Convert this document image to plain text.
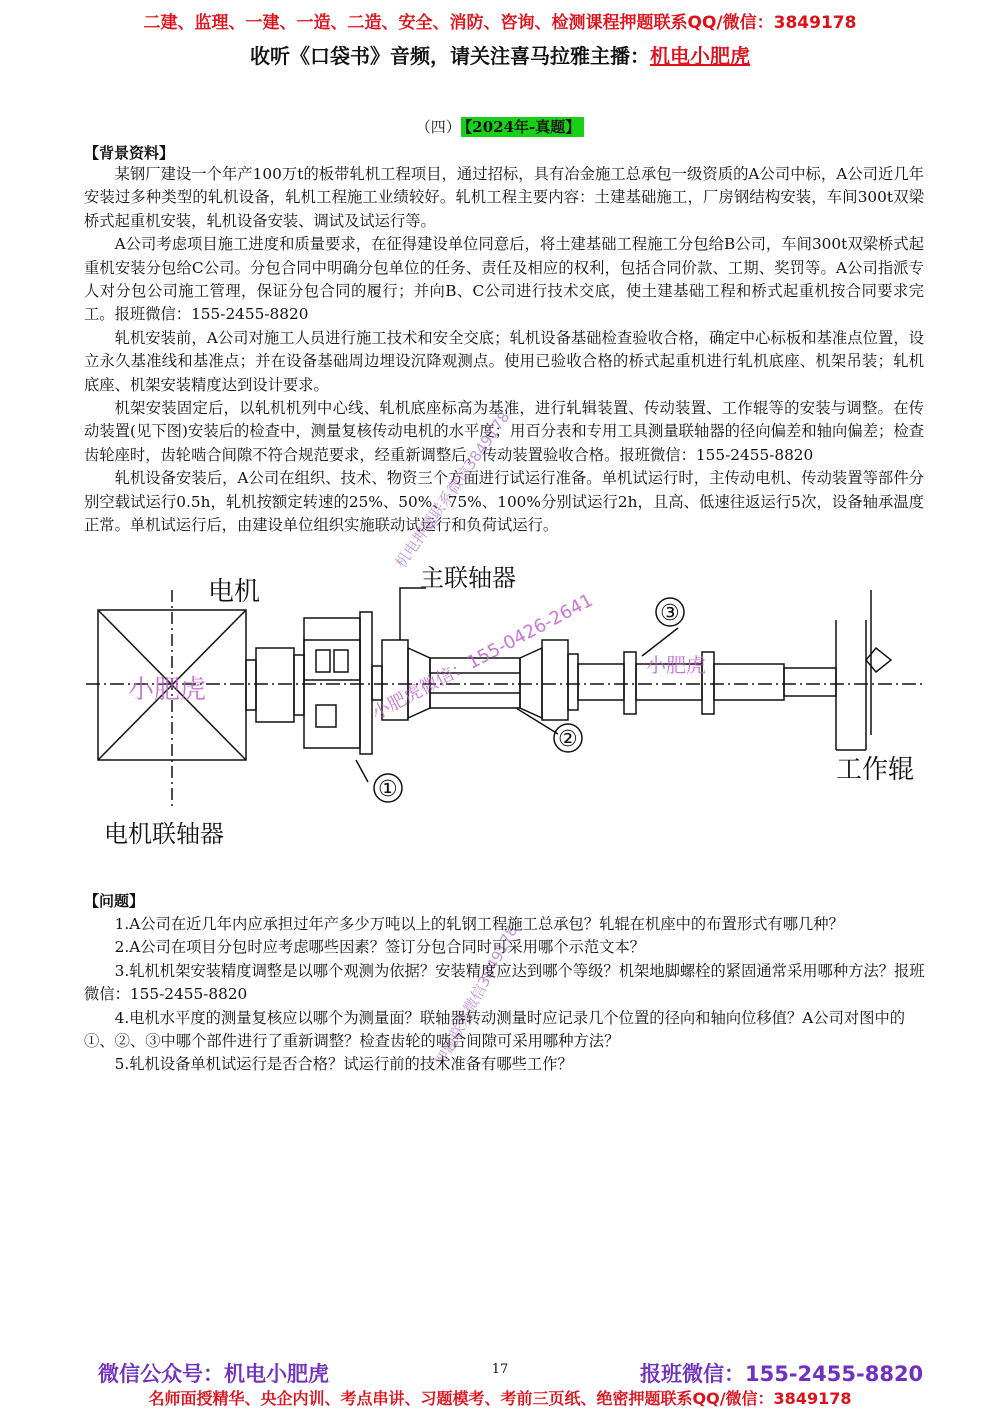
二建、监理、一建、一造、二造、安全、消防、咨询、检测课程押题联系QQ/微信：3849178
收听《口袋书》音频，请关注喜马拉雅主播：机电小肥虎
（四） 【2024年-真题】
【背景资料】

某钢厂建设一个年产100万t的板带轧机工程项目，通过招标，具有冶金施工总承包一级资质的A公司中标，A公司近几年安装过多种类型的轧机设备，轧机工程施工业绩较好。轧机工程主要内容：土建基础施工，厂房钢结构安装，车间300t双梁桥式起重机安装，轧机设备安装、调试及试运行等。

A公司考虑项目施工进度和质量要求，在征得建设单位同意后，将土建基础工程施工分包给B公司，车间300t双梁桥式起重机安装分包给C公司。分包合同中明确分包单位的任务、责任及相应的权利，包括合同价款、工期、奖罚等。A公司指派专人对分包公司施工管理，保证分包合同的履行；并向B、C公司进行技术交底，使土建基础工程和桥式起重机按合同要求完工。报班微信：155-2455-8820

轧机安装前，A公司对施工人员进行施工技术和安全交底；轧机设备基础检查验收合格，确定中心标板和基准点位置，设立永久基准线和基准点；并在设备基础周边埋设沉降观测点。使用已验收合格的桥式起重机进行轧机底座、机架吊装；轧机底座、机架安装精度达到设计要求。

机架安装固定后，以轧机机列中心线、轧机底座标高为基准，进行轧辑装置、传动装置、工作辊等的安装与调整。在传动装置(见下图)安装后的检查中，测量复核传动电机的水平度；用百分表和专用工具测量联轴器的径向偏差和轴向偏差；检查齿轮座时，齿轮啮合间隙不符合规范要求，经重新调整后，传动装置验收合格。报班微信：155-2455-8820

轧机设备安装后，A公司在组织、技术、物资三个方面进行试运行准备。单机试运行时，主传动电机、传动装置等部件分别空载试运行0.5h，轧机按额定转速的25%、50%、75%、100%分别试运行2h，且高、低速往返运行5次，设备轴承温度正常。单机试运行后，由建设单位组织实施联动试运行和负荷试运行。

电机	主联轴器
电机联轴器
工作辊
①
②
③
小肥虎
小肥虎
小肥虎微信：155-0426-2641
机电押题联系微信3849178
押题联系微信3849178
【问题】

1.A公司在近几年内应承担过年产多少万吨以上的轧钢工程施工总承包？轧辊在机座中的布置形式有哪几种？

2.A公司在项目分包时应考虑哪些因素？签订分包合同时可采用哪个示范文本？

3.轧机机架安装精度调整是以哪个观测为依据？安装精度应达到哪个等级？机架地脚螺栓的紧固通常采用哪种方法？报班微信：155-2455-8820

4.电机水平度的测量复核应以哪个为测量面？联轴器转动测量时应记录几个位置的径向和轴向位移值？A公司对图中的①、②、③中哪个部件进行了重新调整？检查齿轮的啮合间隙可采用哪种方法？

5.轧机设备单机试运行是否合格？试运行前的技术准备有哪些工作？

微信公众号：机电小肥虎	17	报班微信：155-2455-8820
名师面授精华、央企内训、考点串讲、习题模考、考前三页纸、绝密押题联系QQ/微信：3849178
